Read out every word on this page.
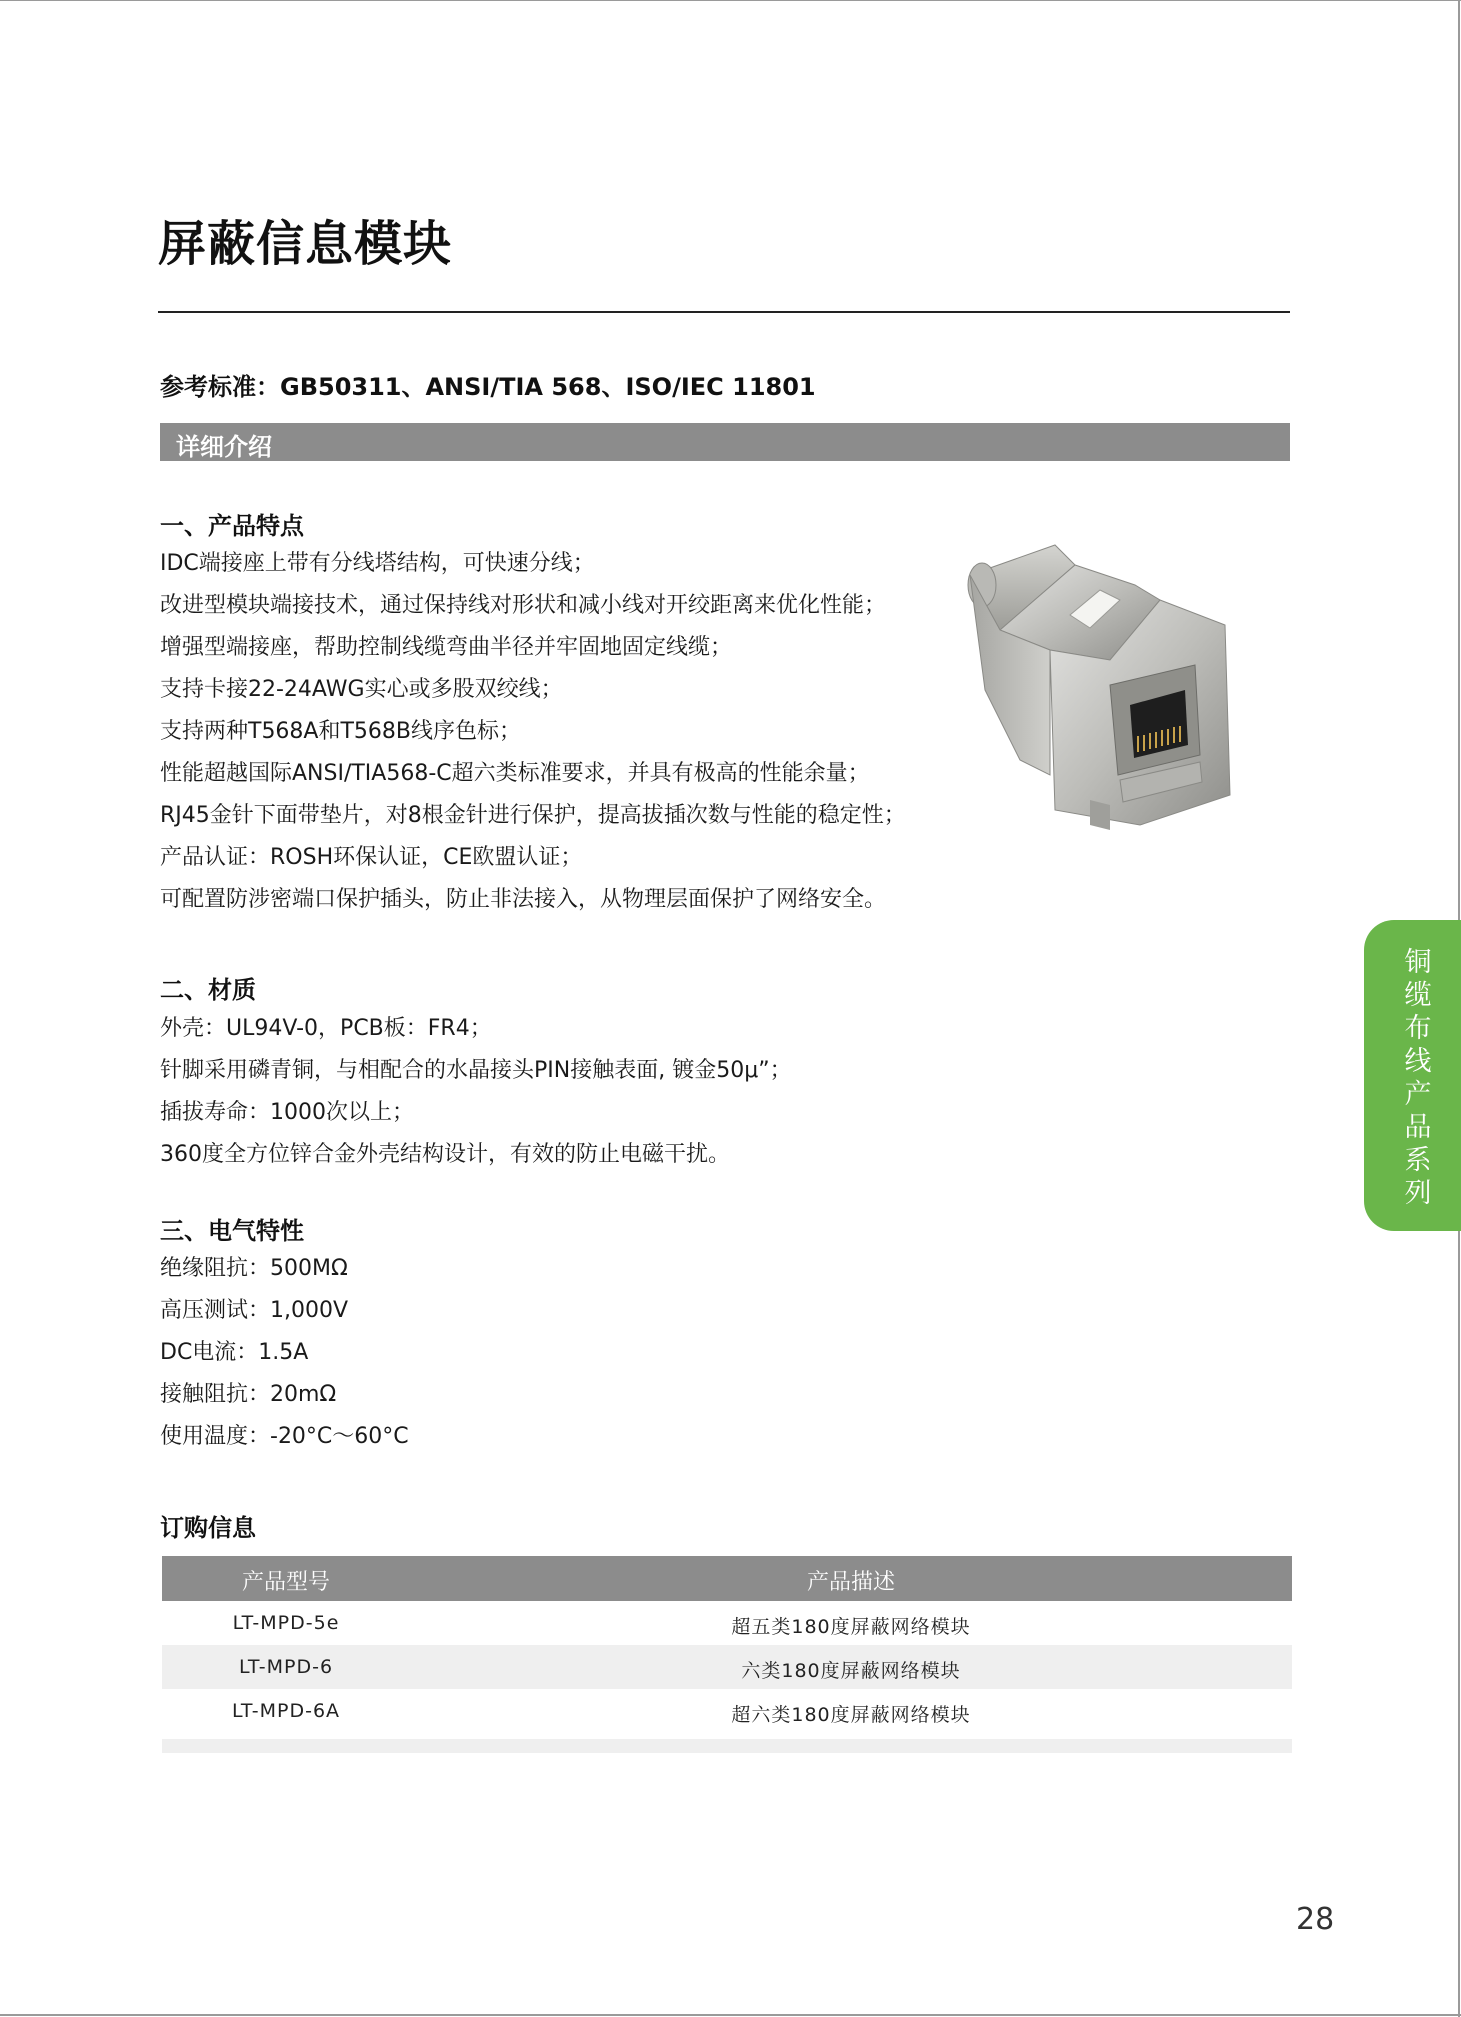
屏蔽信息模块
参考标准：GB50311、ANSI/TIA 568、ISO/IEC 11801
详细介绍
一、产品特点
IDC端接座上带有分线塔结构，可快速分线；
改进型模块端接技术，通过保持线对形状和减小线对开绞距离来优化性能；
增强型端接座，帮助控制线缆弯曲半径并牢固地固定线缆；
支持卡接22-24AWG实心或多股双绞线；
支持两种T568A和T568B线序色标；
性能超越国际ANSI/TIA568-C超六类标准要求，并具有极高的性能余量；
RJ45金针下面带垫片，对8根金针进行保护，提高拔插次数与性能的稳定性；
产品认证：ROSH环保认证，CE欧盟认证；
可配置防涉密端口保护插头，防止非法接入，从物理层面保护了网络安全。
二、材质
外壳：UL94V-0，PCB板：FR4；
针脚采用磷青铜，与相配合的水晶接头PIN接触表面, 镀金50μ”；
插拔寿命：1000次以上；
360度全方位锌合金外壳结构设计，有效的防止电磁干扰。
三、电气特性
绝缘阻抗：500MΩ
高压测试：1,000V
DC电流：1.5A
接触阻抗：20mΩ
使用温度：-20°C～60°C
铜
缆
布
线
产
品
系
列
订购信息
产品型号	产品描述
LT-MPD-5e	超五类180度屏蔽网络模块
LT-MPD-6	六类180度屏蔽网络模块
LT-MPD-6A	超六类180度屏蔽网络模块
28
